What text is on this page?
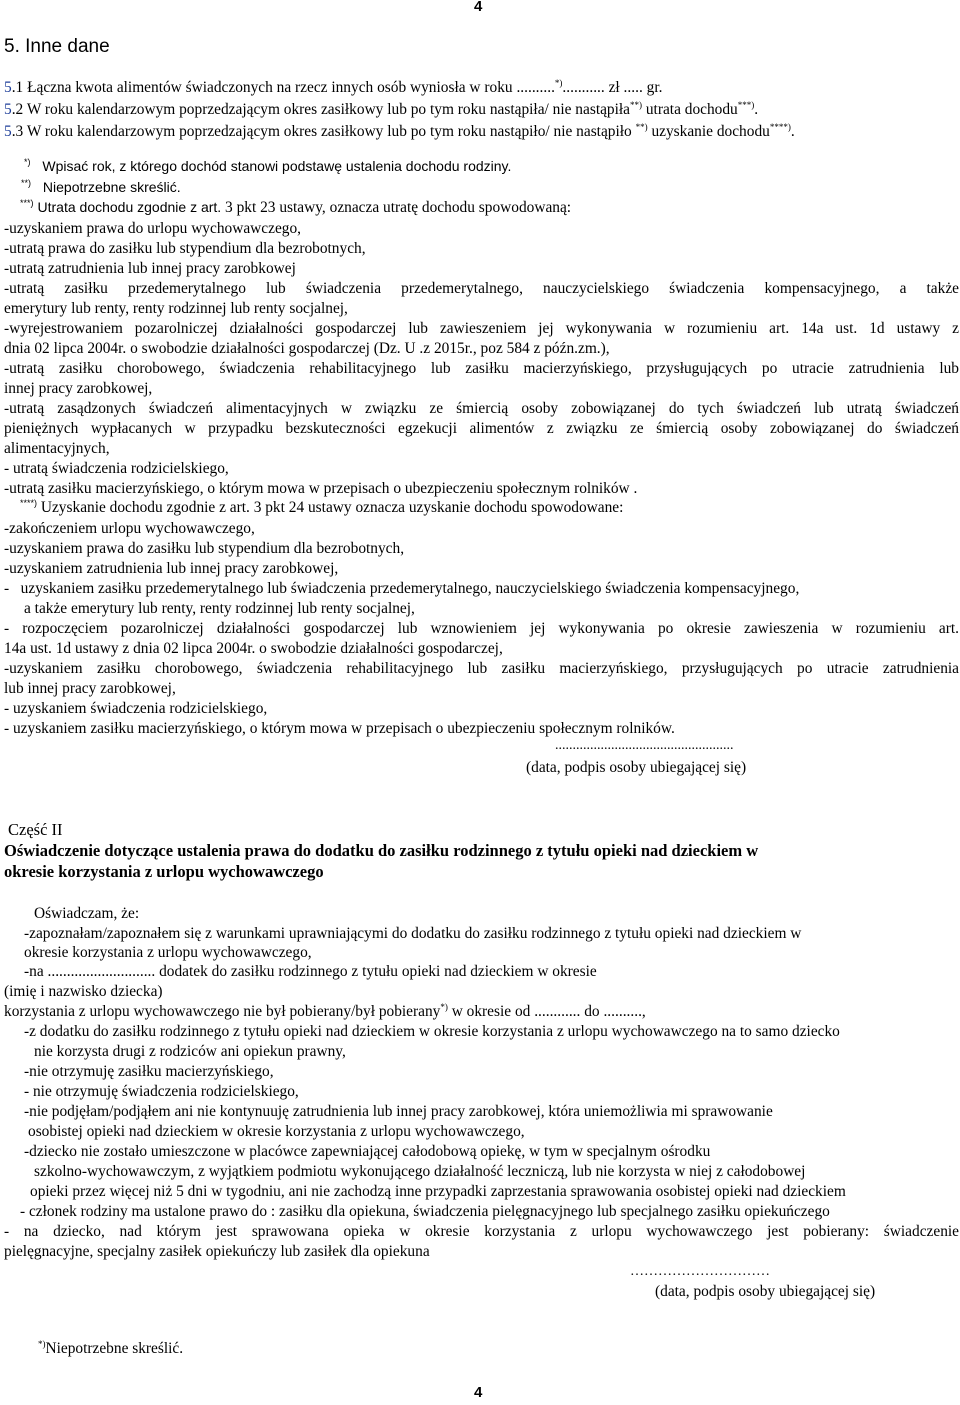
4
5. Inne dane
5.1 Łączna kwota alimentów świadczonych na rzecz innych osób wyniosła w roku ..........*)........... zł ..... gr.
5.2 W roku kalendarzowym poprzedzającym okres zasiłkowy lub po tym roku nastąpiła/ nie nastąpiła**) utrata dochodu***).
5.3 W roku kalendarzowym poprzedzającym okres zasiłkowy lub po tym roku nastąpiło/ nie nastąpiło **) uzyskanie dochodu****).
*) Wpisać rok, z którego dochód stanowi podstawę ustalenia dochodu rodziny.
**) Niepotrzebne skreślić.
***) Utrata dochodu zgodnie z art. 3 pkt 23 ustawy, oznacza utratę dochodu spowodowaną:
-uzyskaniem prawa do urlopu wychowawczego,
-utratą prawa do zasiłku lub stypendium dla bezrobotnych,
-utratą zatrudnienia lub innej pracy zarobkowej
-utratą zasiłku przedemerytalnego lub świadczenia przedemerytalnego, nauczycielskiego świadczenia kompensacyjnego, a także
emerytury lub renty, renty rodzinnej lub renty socjalnej,
-wyrejestrowaniem pozarolniczej działalności gospodarczej lub zawieszeniem jej wykonywania w rozumieniu art. 14a ust. 1d ustawy z
dnia 02 lipca 2004r. o swobodzie działalności gospodarczej (Dz. U .z 2015r., poz 584 z późn.zm.),
-utratą zasiłku chorobowego, świadczenia rehabilitacyjnego lub zasiłku macierzyńskiego, przysługujących po utracie zatrudnienia lub
innej pracy zarobkowej,
-utratą zasądzonych świadczeń alimentacyjnych w związku ze śmiercią osoby zobowiązanej do tych świadczeń lub utratą świadczeń
pieniężnych wypłacanych w przypadku bezskuteczności egzekucji alimentów z związku ze śmiercią osoby zobowiązanej do świadczeń
alimentacyjnych,
- utratą świadczenia rodzicielskiego,
-utratą zasiłku macierzyńskiego, o którym mowa w przepisach o ubezpieczeniu społecznym rolników .
****) Uzyskanie dochodu zgodnie z art. 3 pkt 24 ustawy oznacza uzyskanie dochodu spowodowane:
-zakończeniem urlopu wychowawczego,
-uzyskaniem prawa do zasiłku lub stypendium dla bezrobotnych,
-uzyskaniem zatrudnienia lub innej pracy zarobkowej,
-   uzyskaniem zasiłku przedemerytalnego lub świadczenia przedemerytalnego, nauczycielskiego świadczenia kompensacyjnego,
a także emerytury lub renty, renty rodzinnej lub renty socjalnej,
- rozpoczęciem pozarolniczej działalności gospodarczej lub wznowieniem jej wykonywania po okresie zawieszenia w rozumieniu art.
14a ust. 1d ustawy z dnia 02 lipca 2004r. o swobodzie działalności gospodarczej,
-uzyskaniem zasiłku chorobowego, świadczenia rehabilitacyjnego lub zasiłku macierzyńskiego, przysługujących po utracie zatrudnienia
lub innej pracy zarobkowej,
- uzyskaniem świadczenia rodzicielskiego,
- uzyskaniem zasiłku macierzyńskiego, o którym mowa w przepisach o ubezpieczeniu społecznym rolników.
...................................................
(data, podpis osoby ubiegającej się)
Część II
Oświadczenie dotyczące ustalenia prawa do dodatku do zasiłku rodzinnego z tytułu opieki nad dzieckiem w
okresie korzystania z urlopu wychowawczego
Oświadczam, że:
-zapoznałam/zapoznałem się z warunkami uprawniającymi do dodatku do zasiłku rodzinnego z tytułu opieki nad dzieckiem w
okresie korzystania z urlopu wychowawczego,
-na ............................ dodatek do zasiłku rodzinnego z tytułu opieki nad dzieckiem w okresie
(imię i nazwisko dziecka)
korzystania z urlopu wychowawczego nie był pobierany/był pobierany*) w okresie od ............ do ..........,
-z dodatku do zasiłku rodzinnego z tytułu opieki nad dzieckiem w okresie korzystania z urlopu wychowawczego na to samo dziecko
nie korzysta drugi z rodziców ani opiekun prawny,
-nie otrzymuję zasiłku macierzyńskiego,
- nie otrzymuję świadczenia rodzicielskiego,
-nie podjęłam/podjąłem ani nie kontynuuję zatrudnienia lub innej pracy zarobkowej, która uniemożliwia mi sprawowanie
osobistej opieki nad dzieckiem w okresie korzystania z urlopu wychowawczego,
-dziecko nie zostało umieszczone w placówce zapewniającej całodobową opiekę, w tym w specjalnym ośrodku
szkolno-wychowawczym, z wyjątkiem podmiotu wykonującego działalność leczniczą, lub nie korzysta w niej z całodobowej
opieki przez więcej niż 5 dni w tygodniu, ani nie zachodzą inne przypadki zaprzestania sprawowania osobistej opieki nad dzieckiem
- członek rodziny ma ustalone prawo do : zasiłku dla opiekuna, świadczenia pielęgnacyjnego lub specjalnego zasiłku opiekuńczego
- na dziecko, nad którym jest sprawowana opieka w okresie korzystania z urlopu wychowawczego jest pobierany: świadczenie
pielęgnacyjne, specjalny zasiłek opiekuńczy lub zasiłek dla opiekuna
…………………………
(data, podpis osoby ubiegającej się)
*)Niepotrzebne skreślić.
4
